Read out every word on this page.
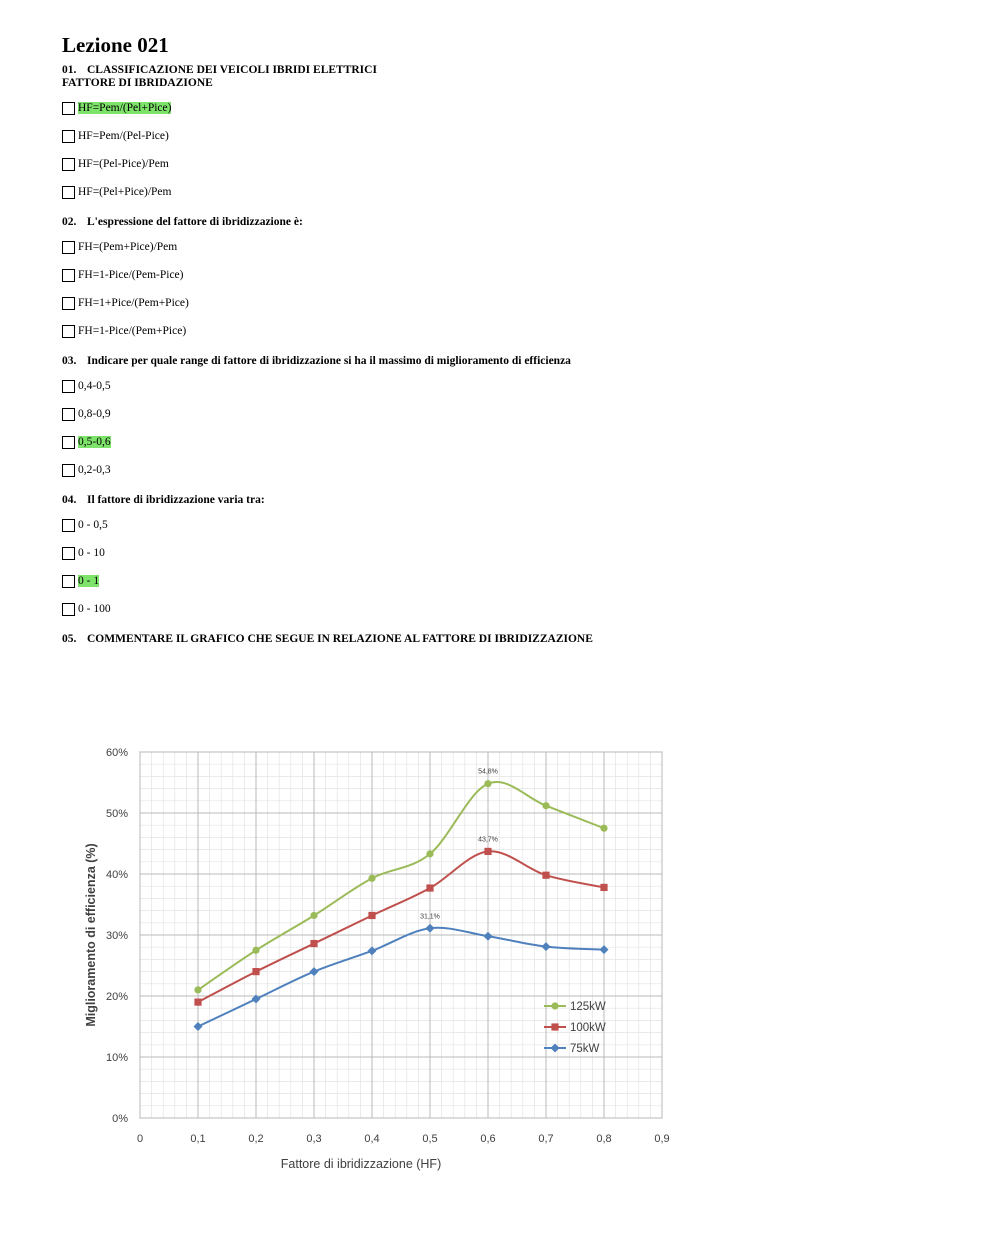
Lezione 021
01. CLASSIFICAZIONE DEI VEICOLI IBRIDI ELETTRICI
FATTORE DI IBRIDAZIONE
HF=Pem/(Pel+Pice)
HF=Pem/(Pel-Pice)
HF=(Pel-Pice)/Pem
HF=(Pel+Pice)/Pem
02. L'espressione del fattore di ibridizzazione è:
FH=(Pem+Pice)/Pem
FH=1-Pice/(Pem-Pice)
FH=1+Pice/(Pem+Pice)
FH=1-Pice/(Pem+Pice)
03. Indicare per quale range di fattore di ibridizzazione si ha il massimo di miglioramento di efficienza
0,4-0,5
0,8-0,9
0,5-0,6
0,2-0,3
04. Il fattore di ibridizzazione varia tra:
0 - 0,5
0 - 10
0 - 1
0 - 100
05. COMMENTARE IL GRAFICO CHE SEGUE IN RELAZIONE AL FATTORE DI IBRIDIZZAZIONE
0	0,1	0,2	0,3	0,4	0,5	0,6	0,7	0,8	0,9
0%
10%
20%
30%
40%
50%
60%
Fattore di ibridizzazione (HF)
Miglioramento di efficienza (%)
54,8%
43,7%
31,1%
125kW
100kW
75kW
